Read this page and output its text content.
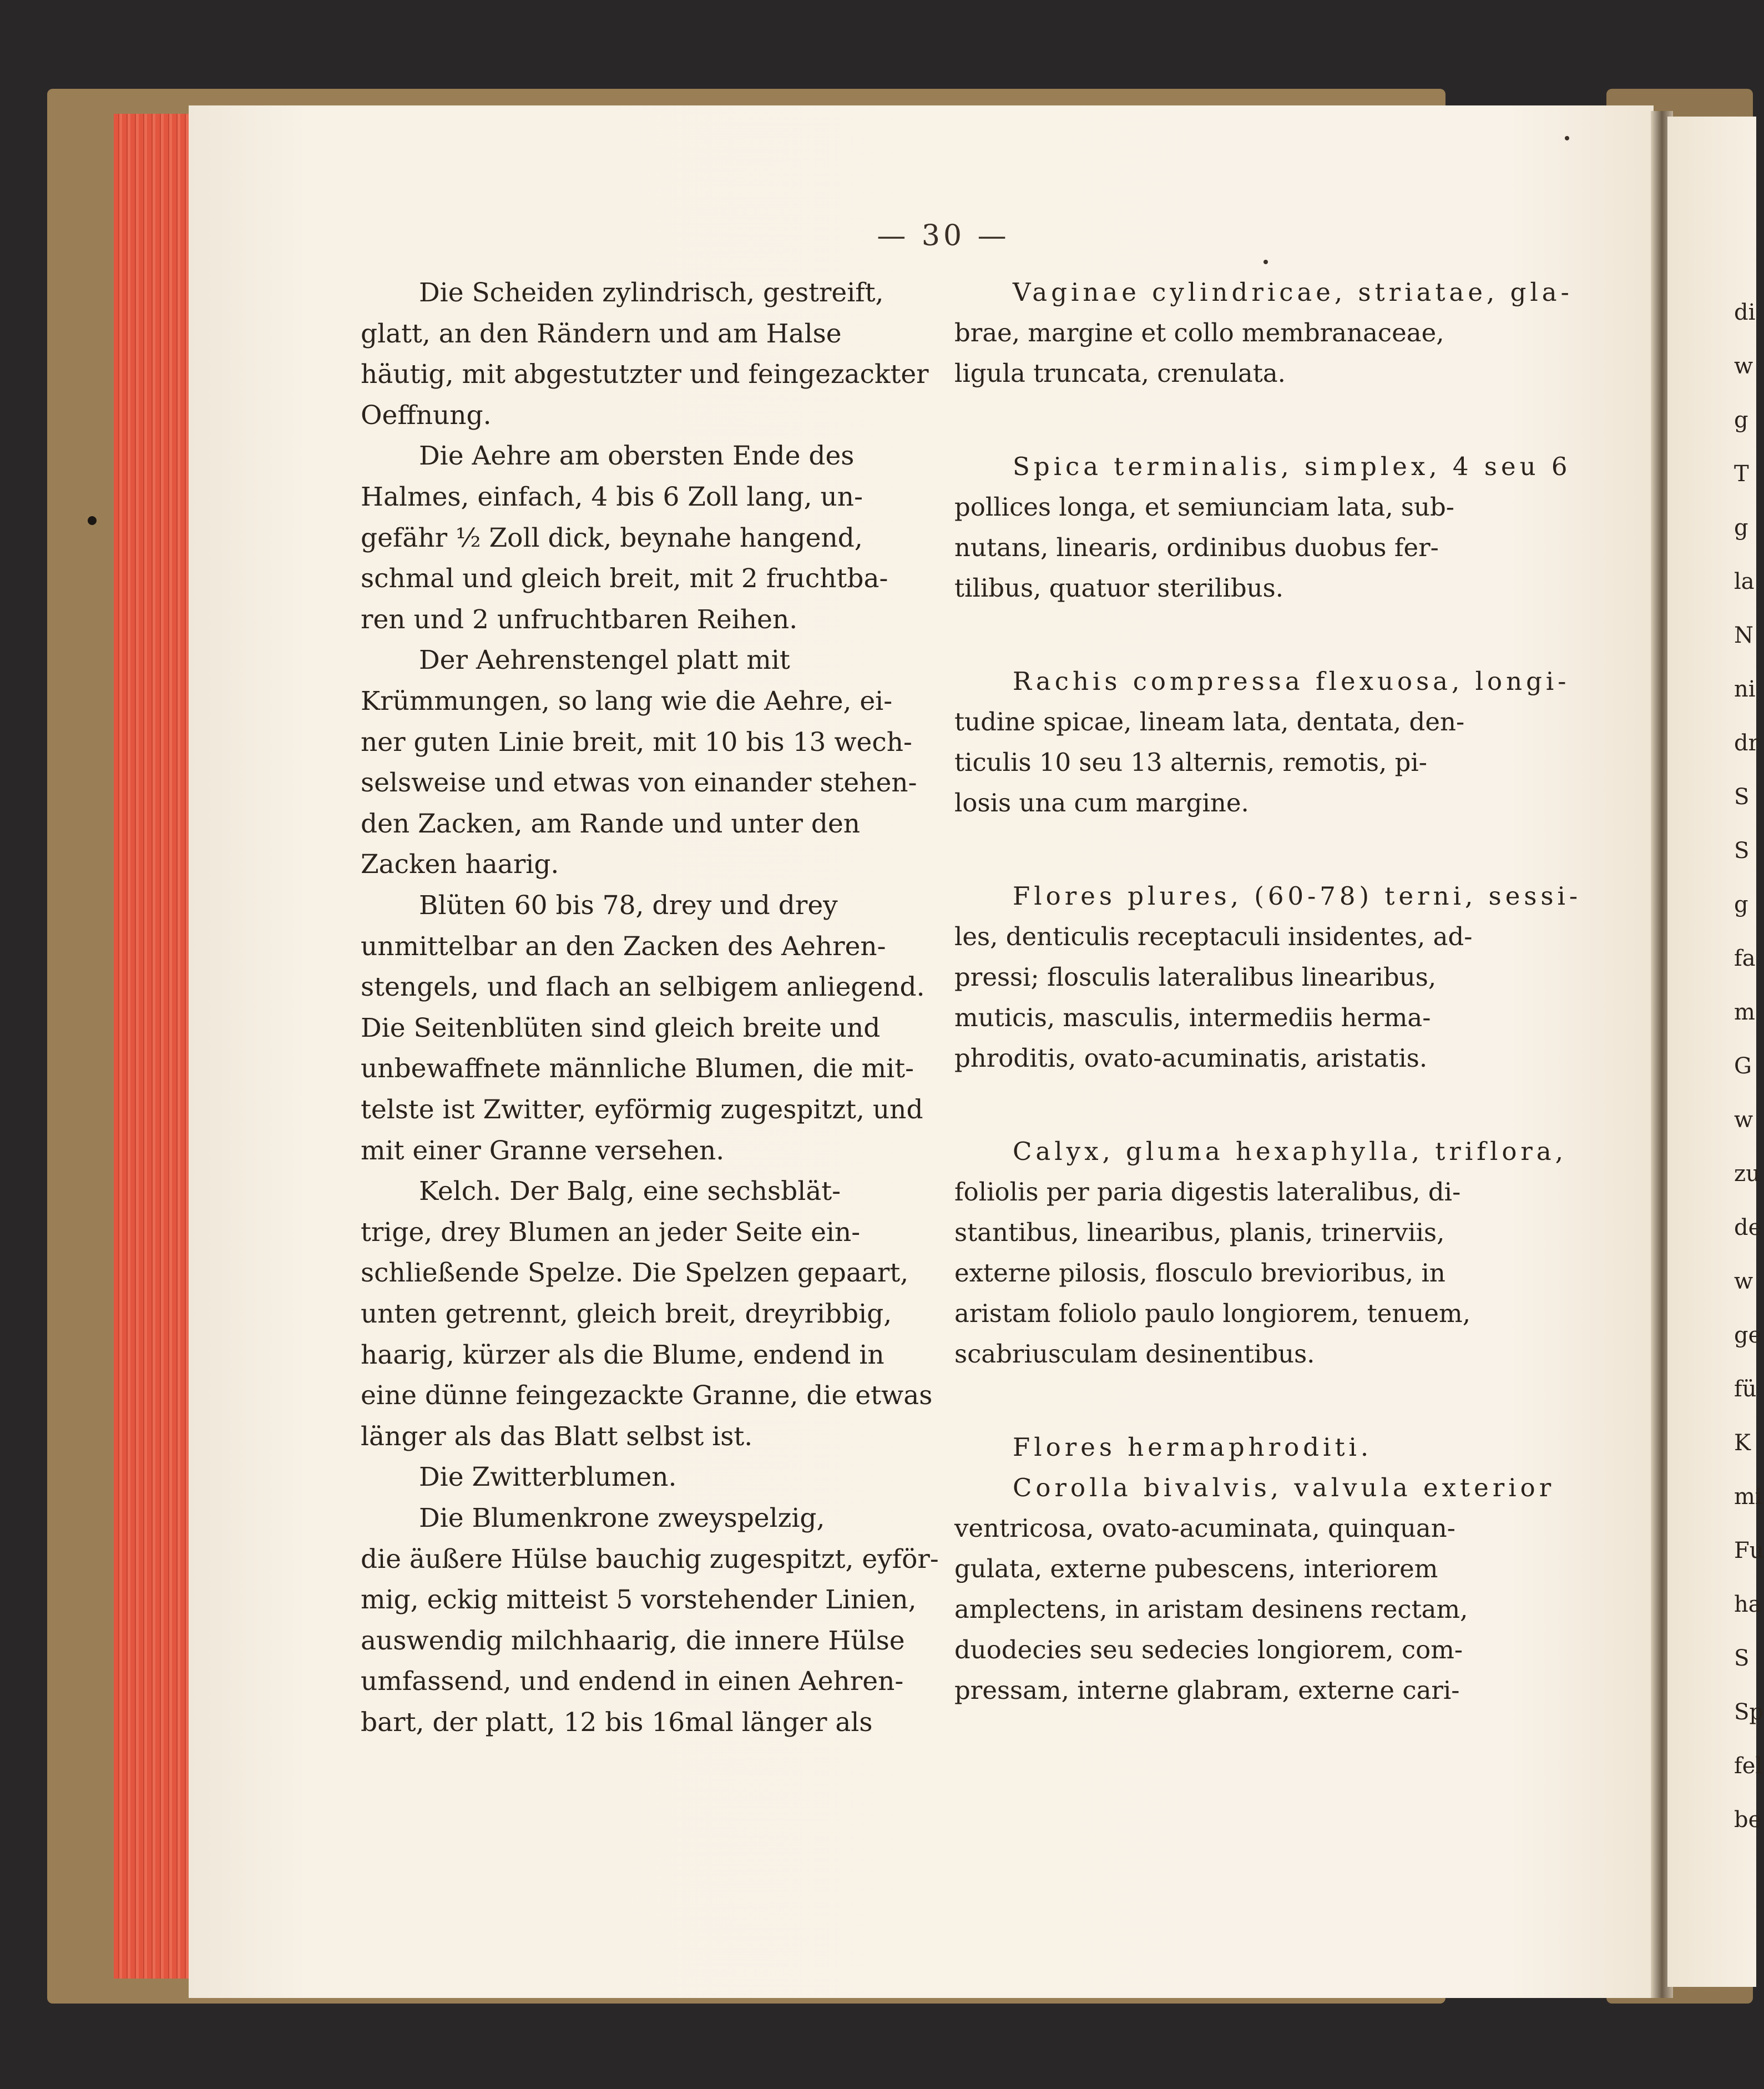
— 30 —
Die Scheiden zylindrisch, gestreift,
glatt, an den Rändern und am Halse
häutig, mit abgestutzter und feingezackter
Oeffnung.
Die Aehre am obersten Ende des
Halmes, einfach, 4 bis 6 Zoll lang, un-
gefähr ½ Zoll dick, beynahe hangend,
schmal und gleich breit, mit 2 fruchtba-
ren und 2 unfruchtbaren Reihen.
Der Aehrenstengel platt mit
Krümmungen, so lang wie die Aehre, ei-
ner guten Linie breit, mit 10 bis 13 wech-
selsweise und etwas von einander stehen-
den Zacken, am Rande und unter den
Zacken haarig.
Blüten 60 bis 78, drey und drey
unmittelbar an den Zacken des Aehren-
stengels, und flach an selbigem anliegend.
Die Seitenblüten sind gleich breite und
unbewaffnete männliche Blumen, die mit-
telste ist Zwitter, eyförmig zugespitzt, und
mit einer Granne versehen.
Kelch. Der Balg, eine sechsblät-
trige, drey Blumen an jeder Seite ein-
schließende Spelze. Die Spelzen gepaart,
unten getrennt, gleich breit, dreyribbig,
haarig, kürzer als die Blume, endend in
eine dünne feingezackte Granne, die etwas
länger als das Blatt selbst ist.
Die Zwitterblumen.
Die Blumenkrone zweyspelzig,
die äußere Hülse bauchig zugespitzt, eyför-
mig, eckig mitteist 5 vorstehender Linien,
auswendig milchhaarig, die innere Hülse
umfassend, und endend in einen Aehren-
bart, der platt, 12 bis 16mal länger als
Vaginae cylindricae, striatae, gla-
brae, margine et collo membranaceae,
ligula truncata, crenulata.
Spica terminalis, simplex, 4 seu 6
pollices longa, et semiunciam lata, sub-
nutans, linearis, ordinibus duobus fer-
tilibus, quatuor sterilibus.
Rachis compressa flexuosa, longi-
tudine spicae, lineam lata, dentata, den-
ticulis 10 seu 13 alternis, remotis, pi-
losis una cum margine.
Flores plures, (60-78) terni, sessi-
les, denticulis receptaculi insidentes, ad-
pressi; flosculis lateralibus linearibus,
muticis, masculis, intermediis herma-
phroditis, ovato-acuminatis, aristatis.
Calyx, gluma hexaphylla, triflora,
foliolis per paria digestis lateralibus, di-
stantibus, linearibus, planis, trinerviis,
externe pilosis, flosculo brevioribus, in
aristam foliolo paulo longiorem, tenuem,
scabriusculam desinentibus.
Flores hermaphroditi.
Corolla bivalvis, valvula exterior
ventricosa, ovato-acuminata, quinquan-
gulata, externe pubescens, interiorem
amplectens, in aristam desinens rectam,
duodecies seu sedecies longiorem, com-
pressam, interne glabram, externe cari-
di
w
g
T
g
la
N
ni
dr
S
S
g
fa
m
G
w
zu
de
w
ge
fü
K
mi
Fu
ha
S
Sp
fel
be
